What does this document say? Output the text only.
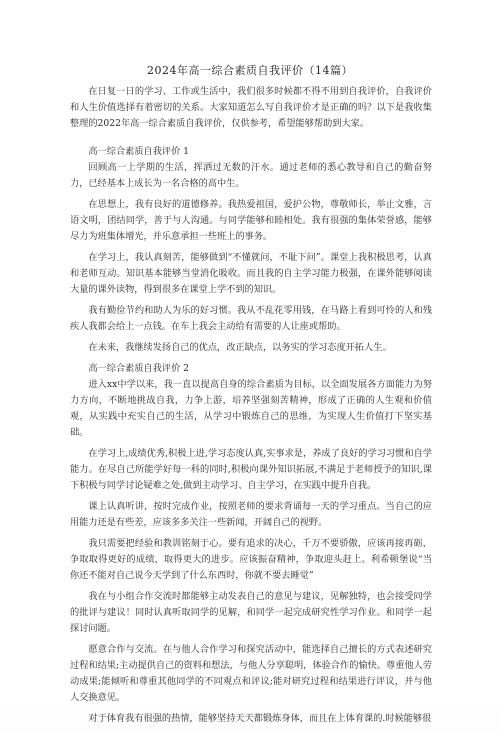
2024年高一综合素质自我评价（14篇）

在日复一日的学习、工作或生活中，我们很多时候都不得不用到自我评价，自我评价和人生价值选择有着密切的关系。大家知道怎么写自我评价才是正确的吗？以下是我收集整理的2022年高一综合素质自我评价，仅供参考，希望能够帮助到大家。

高一综合素质自我评价 1

回顾高一上学期的生活，挥洒过无数的汗水。通过老师的悉心教导和自己的勤奋努力，已经基本上成长为一名合格的高中生。

在思想上，我有良好的道德修养。我热爱祖国，爱护公物，尊敬师长，举止文雅，言语文明，团结同学，善于与人沟通。与同学能够和睦相处。我有很强的集体荣誉感，能够尽力为班集体增光，并乐意承担一些班上的事务。

在学习上，我认真刻苦，能够做到“不懂就问，不耻下问”。课堂上我积极思考，认真和老师互动。知识基本能够当堂消化吸收。而且我的自主学习能力极强，在课外能够阅读大量的课外读物，得到很多在课堂上学不到的知识。

我有勤俭节约和助人为乐的好习惯。我从不乱花零用钱，在马路上看到可怜的人和残疾人我都会给上一点钱。在车上我会主动给有需要的人让座或帮助。

在未来，我继续发扬自己的优点，改正缺点，以务实的学习态度开拓人生。

高一综合素质自我评价 2

进入xx中学以来，我一直以提高自身的综合素质为目标，以全面发展各方面能力为努力方向，不断地挑战自我，力争上游，培养坚强刻苦精神，形成了正确的人生观和价值观，从实践中充实自己的生活，从学习中锻炼自己的思维，为实现人生价值打下坚实基础。

在学习上,成绩优秀,积极上进,学习态度认真,实事求是，养成了良好的学习习惯和自学能力。在尽自己所能学好每一科的同时,积极向课外知识拓展,不满足于老师授予的知识,课下积极与同学讨论疑难之处,做到主动学习、自主学习，在实践中提升自我。

课上认真听讲，按时完成作业，按照老师的要求背诵每一天的学习重点。当自己的应用能力还是有些差，应该多多关注一些新闻，开阔自己的视野。

我只需要把经验和教训铭刻于心。要有追求的决心，千万不要骄傲，应该再接再砺，争取取得更好的成绩，取得更大的进步。应该振奋精神，争取迎头赶上。利希顿堡说“当你还不能对自己说今天学到了什么东西时，你就不要去睡觉”

我在与小组合作交流时都能够主动发表自己的意见与建议，见解独特，也会接受同学的批评与建议！同时认真听取同学的见解，和同学一起完成研究性学习作业。和同学一起探讨问题。

愿意合作与交流。在与他人合作学习和探究活动中，能选择自己擅长的方式表述研究过程和结果;主动提供自己的资料和想法，与他人分享聪明，体验合作的愉快。尊重他人劳动成果;能倾听和尊重其他同学的不同观点和评议;能对研究过程和结果进行评议，并与他人交换意见。

对于体育我有很强的热情，能够坚持天天都锻炼身体，而且在上体育课的.时候能够很
